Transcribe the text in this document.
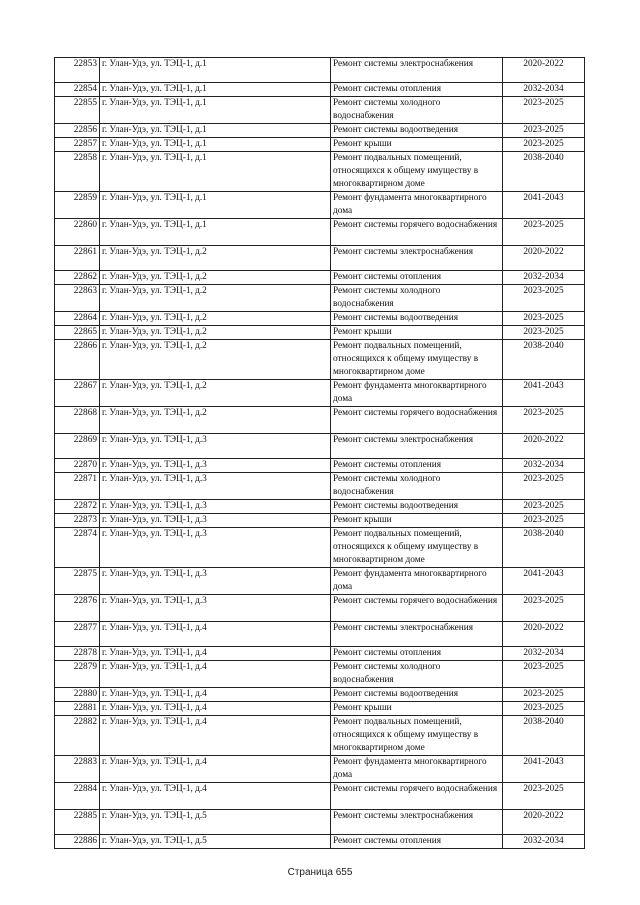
22853	г. Улан-Удэ, ул. ТЭЦ-1, д.1	Ремонт системы электроснабжения	2020-2022
22854	г. Улан-Удэ, ул. ТЭЦ-1, д.1	Ремонт системы отопления	2032-2034
22855	г. Улан-Удэ, ул. ТЭЦ-1, д.1	Ремонт системы холодного водоснабжения	2023-2025
22856	г. Улан-Удэ, ул. ТЭЦ-1, д.1	Ремонт системы водоотведения	2023-2025
22857	г. Улан-Удэ, ул. ТЭЦ-1, д.1	Ремонт крыши	2023-2025
22858	г. Улан-Удэ, ул. ТЭЦ-1, д.1	Ремонт подвальных помещений, относящихся к общему имуществу в многоквартирном доме	2038-2040
22859	г. Улан-Удэ, ул. ТЭЦ-1, д.1	Ремонт фундамента многоквартирного дома	2041-2043
22860	г. Улан-Удэ, ул. ТЭЦ-1, д.1	Ремонт системы горячего водоснабжения	2023-2025
22861	г. Улан-Удэ, ул. ТЭЦ-1, д.2	Ремонт системы электроснабжения	2020-2022
22862	г. Улан-Удэ, ул. ТЭЦ-1, д.2	Ремонт системы отопления	2032-2034
22863	г. Улан-Удэ, ул. ТЭЦ-1, д.2	Ремонт системы холодного водоснабжения	2023-2025
22864	г. Улан-Удэ, ул. ТЭЦ-1, д.2	Ремонт системы водоотведения	2023-2025
22865	г. Улан-Удэ, ул. ТЭЦ-1, д.2	Ремонт крыши	2023-2025
22866	г. Улан-Удэ, ул. ТЭЦ-1, д.2	Ремонт подвальных помещений, относящихся к общему имуществу в многоквартирном доме	2038-2040
22867	г. Улан-Удэ, ул. ТЭЦ-1, д.2	Ремонт фундамента многоквартирного дома	2041-2043
22868	г. Улан-Удэ, ул. ТЭЦ-1, д.2	Ремонт системы горячего водоснабжения	2023-2025
22869	г. Улан-Удэ, ул. ТЭЦ-1, д.3	Ремонт системы электроснабжения	2020-2022
22870	г. Улан-Удэ, ул. ТЭЦ-1, д.3	Ремонт системы отопления	2032-2034
22871	г. Улан-Удэ, ул. ТЭЦ-1, д.3	Ремонт системы холодного водоснабжения	2023-2025
22872	г. Улан-Удэ, ул. ТЭЦ-1, д.3	Ремонт системы водоотведения	2023-2025
22873	г. Улан-Удэ, ул. ТЭЦ-1, д.3	Ремонт крыши	2023-2025
22874	г. Улан-Удэ, ул. ТЭЦ-1, д.3	Ремонт подвальных помещений, относящихся к общему имуществу в многоквартирном доме	2038-2040
22875	г. Улан-Удэ, ул. ТЭЦ-1, д.3	Ремонт фундамента многоквартирного дома	2041-2043
22876	г. Улан-Удэ, ул. ТЭЦ-1, д.3	Ремонт системы горячего водоснабжения	2023-2025
22877	г. Улан-Удэ, ул. ТЭЦ-1, д.4	Ремонт системы электроснабжения	2020-2022
22878	г. Улан-Удэ, ул. ТЭЦ-1, д.4	Ремонт системы отопления	2032-2034
22879	г. Улан-Удэ, ул. ТЭЦ-1, д.4	Ремонт системы холодного водоснабжения	2023-2025
22880	г. Улан-Удэ, ул. ТЭЦ-1, д.4	Ремонт системы водоотведения	2023-2025
22881	г. Улан-Удэ, ул. ТЭЦ-1, д.4	Ремонт крыши	2023-2025
22882	г. Улан-Удэ, ул. ТЭЦ-1, д.4	Ремонт подвальных помещений, относящихся к общему имуществу в многоквартирном доме	2038-2040
22883	г. Улан-Удэ, ул. ТЭЦ-1, д.4	Ремонт фундамента многоквартирного дома	2041-2043
22884	г. Улан-Удэ, ул. ТЭЦ-1, д.4	Ремонт системы горячего водоснабжения	2023-2025
22885	г. Улан-Удэ, ул. ТЭЦ-1, д.5	Ремонт системы электроснабжения	2020-2022
22886	г. Улан-Удэ, ул. ТЭЦ-1, д.5	Ремонт системы отопления	2032-2034
Страница 655
